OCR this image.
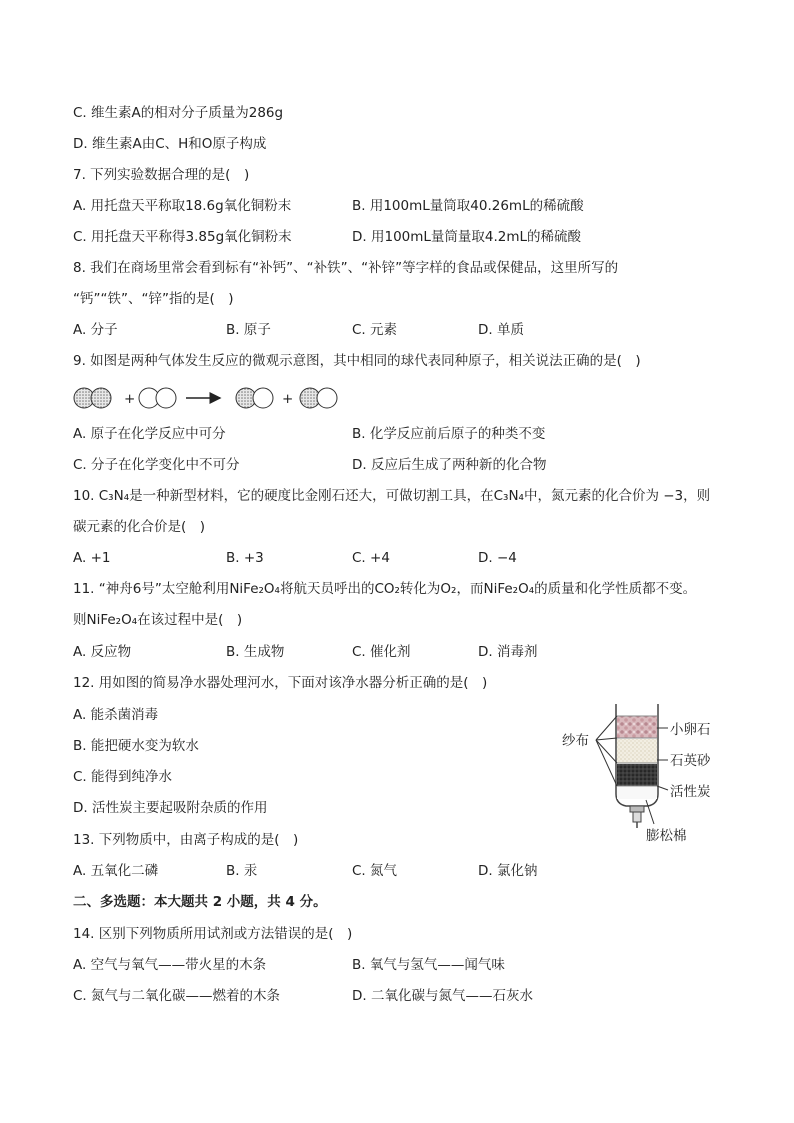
C. 维生素A的相对分子质量为286g
D. 维生素A由C、H和O原子构成
7. 下列实验数据合理的是(　)
A. 用托盘天平称取18.6g氧化铜粉末	B. 用100mL量筒取40.26mL的稀硫酸
C. 用托盘天平称得3.85g氧化铜粉末	D. 用100mL量筒量取4.2mL的稀硫酸
8. 我们在商场里常会看到标有“补钙”、“补铁”、“补锌”等字样的食品或保健品，这里所写的
“钙”“铁”、“锌”指的是(　)
A. 分子	B. 原子	C. 元素	D. 单质
9. 如图是两种气体发生反应的微观示意图，其中相同的球代表同种原子，相关说法正确的是(　)
+	+
A. 原子在化学反应中可分	B. 化学反应前后原子的种类不变
C. 分子在化学变化中不可分	D. 反应后生成了两种新的化合物
10. C₃N₄是一种新型材料，它的硬度比金刚石还大，可做切割工具，在C₃N₄中，氮元素的化合价为 −3，则
碳元素的化合价是(　)
A. +1	B. +3	C. +4	D. −4
11. “神舟6号”太空舱利用NiFe₂O₄将航天员呼出的CO₂转化为O₂，而NiFe₂O₄的质量和化学性质都不变。
则NiFe₂O₄在该过程中是(　)
A. 反应物	B. 生成物	C. 催化剂	D. 消毒剂
12. 用如图的简易净水器处理河水，下面对该净水器分析正确的是(　)
A. 能杀菌消毒
B. 能把硬水变为软水
C. 能得到纯净水
D. 活性炭主要起吸附杂质的作用
纱布
小卵石
石英砂
活性炭
膨松棉
13. 下列物质中，由离子构成的是(　)
A. 五氧化二磷	B. 汞	C. 氮气	D. 氯化钠
二、多选题：本大题共 2 小题，共 4 分。
14. 区别下列物质所用试剂或方法错误的是(　)
A. 空气与氧气——带火星的木条	B. 氧气与氢气——闻气味
C. 氮气与二氧化碳——燃着的木条	D. 二氧化碳与氮气——石灰水
